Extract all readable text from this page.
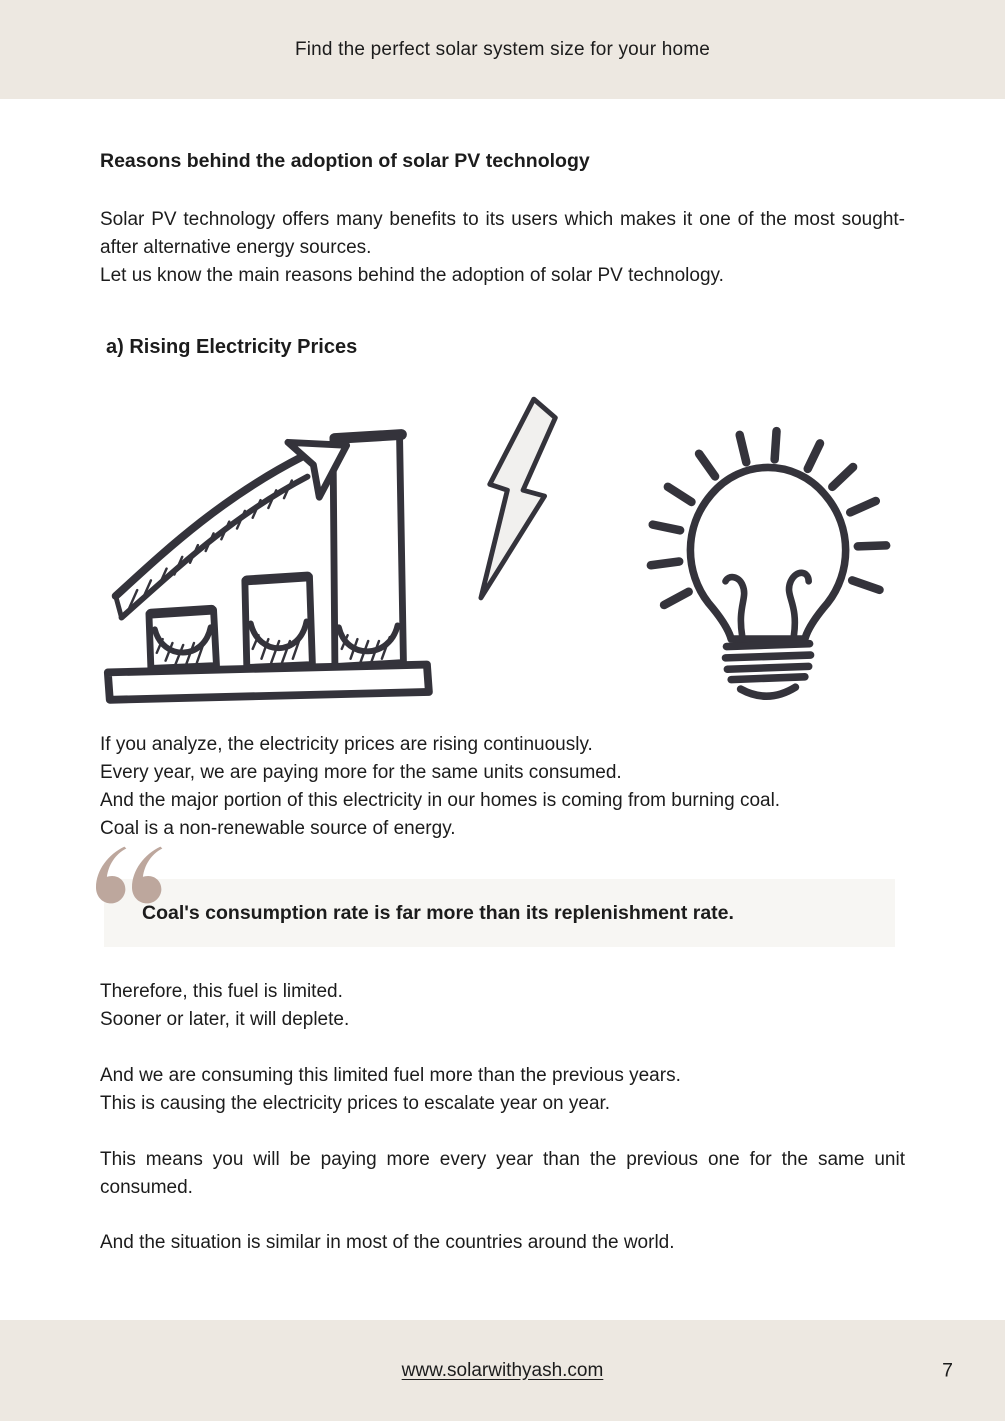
Find the perfect solar system size for your home
Reasons behind the adoption of solar PV technology

Solar PV technology offers many benefits to its users which makes it one of the most sought-after alternative energy sources.

Let us know the main reasons behind the adoption of solar PV technology.
a) Rising Electricity Prices
If you analyze, the electricity prices are rising continuously.
Every year, we are paying more for the same units consumed.
And the major portion of this electricity in our homes is coming from burning coal.
Coal is a non-renewable source of energy.
Coal's consumption rate is far more than its replenishment rate.
Therefore, this fuel is limited.
Sooner or later, it will deplete.
And we are consuming this limited fuel more than the previous years.
This is causing the electricity prices to escalate year on year.

This means you will be paying more every year than the previous one for the same unit consumed.

And the situation is similar in most of the countries around the world.
www.solarwithyash.com	7
